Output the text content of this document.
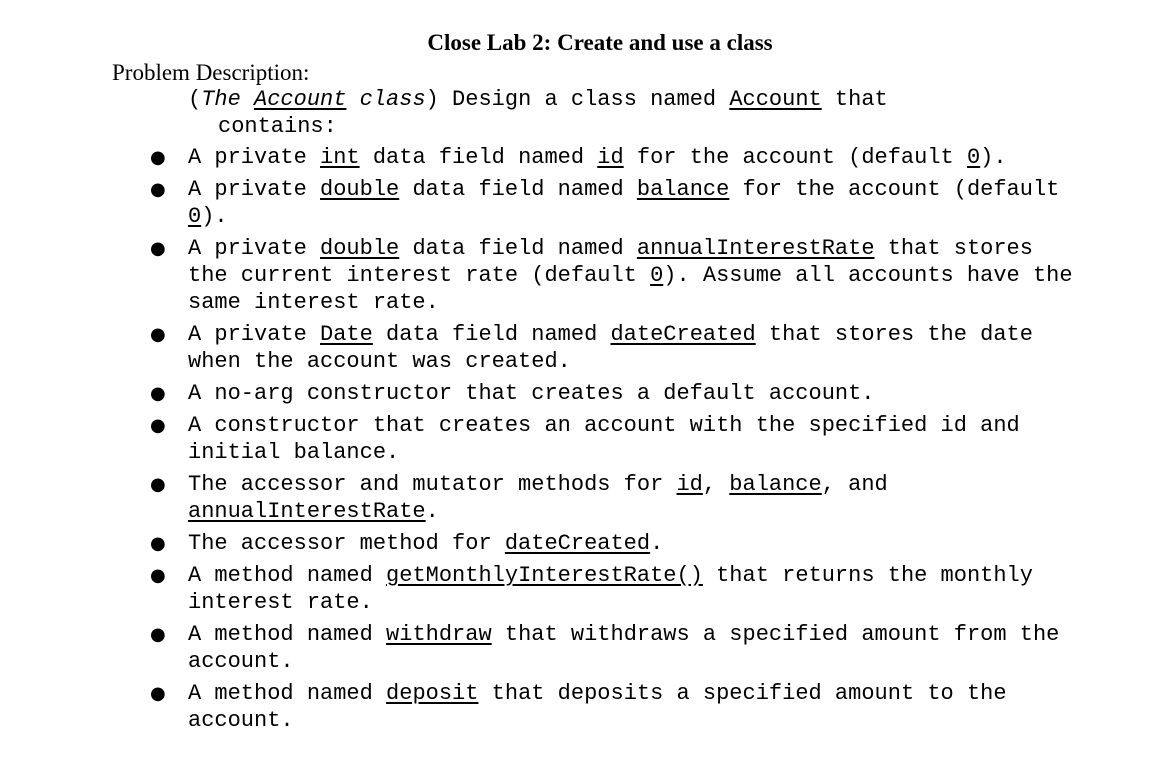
Close Lab 2: Create and use a class
Problem Description:
(The Account class) Design a class named Account that
contains:
● A private int data field named id for the account (default 0).
● A private double data field named balance for the account (default 0).
● A private double data field named annualInterestRate that stores the current interest rate (default 0). Assume all accounts have the same interest rate.
● A private Date data field named dateCreated that stores the date when the account was created.
● A no-arg constructor that creates a default account.
● A constructor that creates an account with the specified id and initial balance.
● The accessor and mutator methods for id, balance, and annualInterestRate.
● The accessor method for dateCreated.
● A method named getMonthlyInterestRate() that returns the monthly interest rate.
● A method named withdraw that withdraws a specified amount from the account.
● A method named deposit that deposits a specified amount to the account.
